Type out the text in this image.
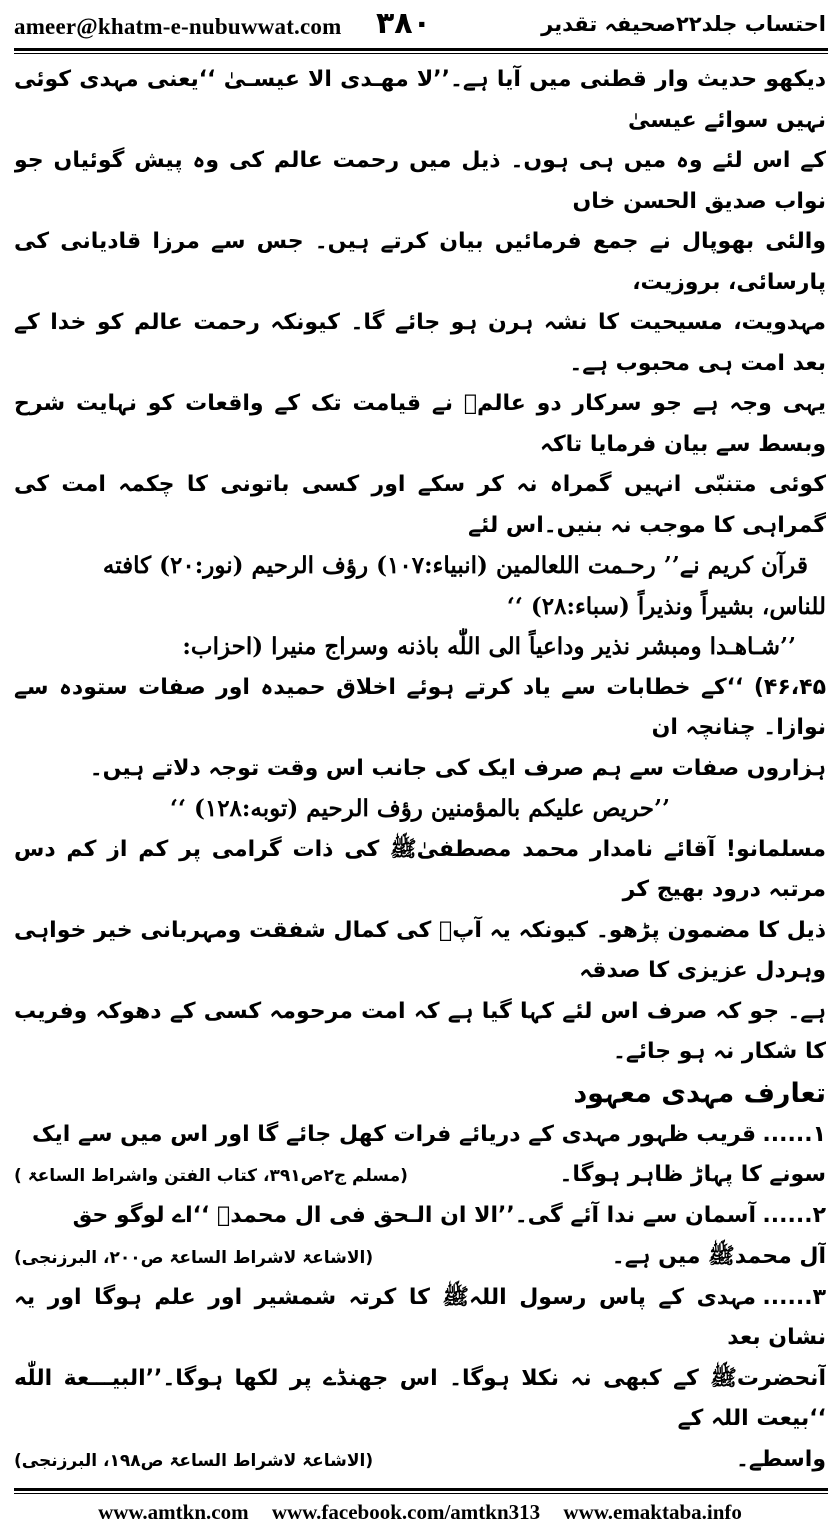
ameer@khatm-e-nubuwwat.com ۳۸۰	احتساب جلد۲۲صحیفہ تقدیر

دیکھو حدیث وار قطنی میں آیا ہے۔’’لا مھـدی الا عیسـیٰ ‘‘یعنی مہدی کوئی نہیں سوائے عیسیٰ

کے اس لئے وہ میں ہی ہوں۔ ذیل میں رحمت عالم کی وہ پیش گوئیاں جو نواب صدیق الحسن خاں

والئی بھوپال نے جمع فرمائیں بیان کرتے ہیں۔ جس سے مرزا قادیانی کی پارسائی، بروزیت،

مہدویت، مسیحیت کا نشہ ہرن ہو جائے گا۔ کیونکہ رحمت عالم کو خدا کے بعد امت ہی محبوب ہے۔

یہی وجہ ہے جو سرکار دو عالمؐ نے قیامت تک کے واقعات کو نہایت شرح وبسط سے بیان فرمایا تاکہ

کوئی متنبّی انہیں گمراہ نہ کر سکے اور کسی باتونی کا چکمہ امت کی گمراہی کا موجب نہ بنیں۔اس لئے

قرآن کریم نے’’ رحـمت اللعالمین (انبیاء:۱۰۷) رؤف الرحیم (نور:۲۰) کافته

للناس، بشیراً ونذیراً (سباء:۲۸) ‘‘

’’شـاهـدا ومبشر نذیر وداعیاً الی اللّٰه باذنه وسراج منیرا (احزاب:

۴۶،۴۵) ‘‘کے خطابات سے یاد کرتے ہوئے اخلاق حمیدہ اور صفات ستودہ سے نوازا۔ چنانچہ ان

ہزاروں صفات سے ہم صرف ایک کی جانب اس وقت توجہ دلاتے ہیں۔

’’حریص علیکم بالمؤمنین رؤف الرحیم (توبه:۱۲۸) ‘‘

مسلمانو! آقائے نامدار محمد مصطفیٰﷺ کی ذات گرامی پر کم از کم دس مرتبہ درود بھیج کر

ذیل کا مضمون پڑھو۔ کیونکہ یہ آپؐ کی کمال شفقت ومہربانی خیر خواہی وہردل عزیزی کا صدقہ

ہے۔ جو کہ صرف اس لئے کہا گیا ہے کہ امت مرحومہ کسی کے دھوکہ وفریب کا شکار نہ ہو جائے۔

تعارف مہدی معہود

۱......قریب ظہور مہدی کے دریائے فرات کھل جائے گا اور اس میں سے ایک

سونے کا پہاڑ ظاہر ہوگا۔
(مسلم ج۲ص۳۹۱، کتاب الفتن واشراط الساعۃ )

۲......آسمان سے ندا آئے گی۔’’الا ان الـحق فی ال محمدؐ ‘‘اے لوگو حق

آل محمدﷺ میں ہے۔
(الاشاعۃ لاشراط الساعۃ ص۲۰۰، البرزنجی)

۳......مہدی کے پاس رسول اللہﷺ کا کرتہ شمشیر اور علم ہوگا اور یہ نشان بعد

آنحضرتﷺ کے کبھی نہ نکلا ہوگا۔ اس جھنڈے پر لکھا ہوگا۔’’البیـــعة اللّٰه ‘‘بیعت اللہ کے

واسطے۔
(الاشاعۃ لاشراط الساعۃ ص۱۹۸، البرزنجی)

www.amtkn.com www.facebook.com/amtkn313 www.emaktaba.info
